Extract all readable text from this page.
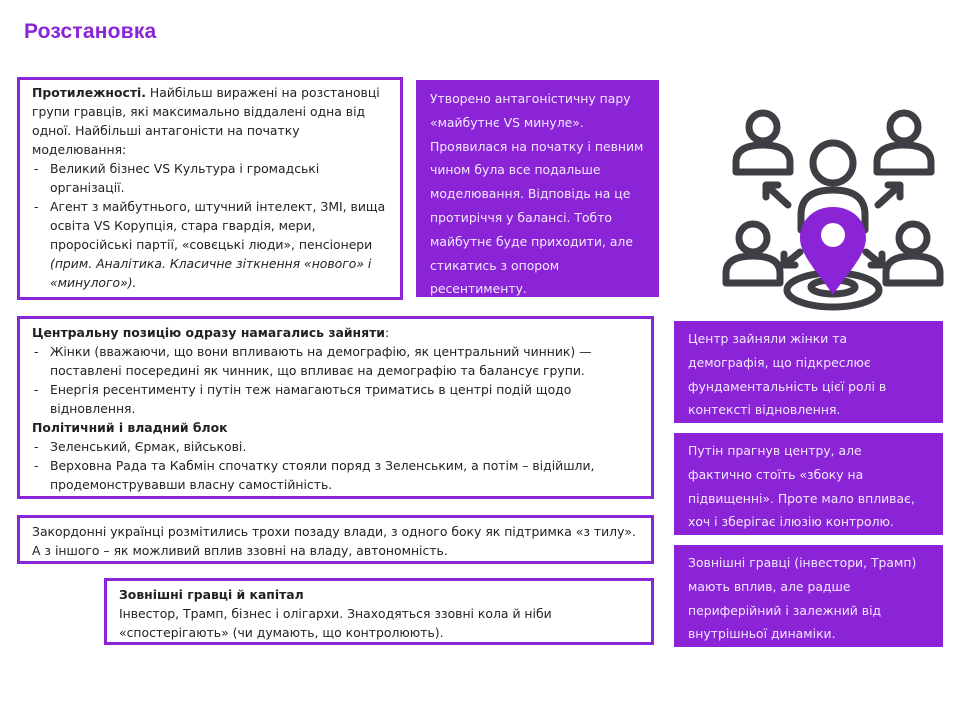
Розстановка

Протилежності. Найбільш виражені на розстановці групи гравців, які максимально віддалені одна від одної. Найбільші антагоністи на початку моделювання:

- Великий бізнес VS Культура і громадські організації.
- Агент з майбутнього, штучний інтелект, ЗМІ, вища освіта VS Корупція, стара гвардія, мери, проросійські партії, «совєцькі люди», пенсіонери (прим. Аналітика. Класичне зіткнення «нового» і «минулого»).
Утворено антагоністичну пару «майбутнє VS минуле». Проявилася на початку і певним чином була все подальше моделювання. Відповідь на це протиріччя у балансі. Тобто майбутнє буде приходити, але стикатись з опором ресентименту.

Центральну позицію одразу намагались зайняти:

- Жінки (вважаючи, що вони впливають на демографію, як центральний чинник) — поставлені посередині як чинник, що впливає на демографію та балансує групи.
- Енергія ресентименту і путін теж намагаються триматись в центрі подій щодо відновлення.

Політичний і владний блок

- Зеленський, Єрмак, військові.
- Верховна Рада та Кабмін спочатку стояли поряд з Зеленським, а потім – відійшли, продемонструвавши власну самостійність.
Закордонні українці розмітились трохи позаду влади, з одного боку як підтримка «з тилу». А з іншого – як можливий вплив ззовні на владу, автономність.

Зовнішні гравці й капітал

Інвестор, Трамп, бізнес і олігархи. Знаходяться ззовні кола й ніби «спостерігають» (чи думають, що контролюють).

Центр зайняли жінки та демографія, що підкреслює фундаментальність цієї ролі в контексті відновлення.
Путін прагнув центру, але фактично стоїть «збоку на підвищенні». Проте мало впливає, хоч і зберігає ілюзію контролю.
Зовнішні гравці (інвестори, Трамп) мають вплив, але радше периферійний і залежний від внутрішньої динаміки.
